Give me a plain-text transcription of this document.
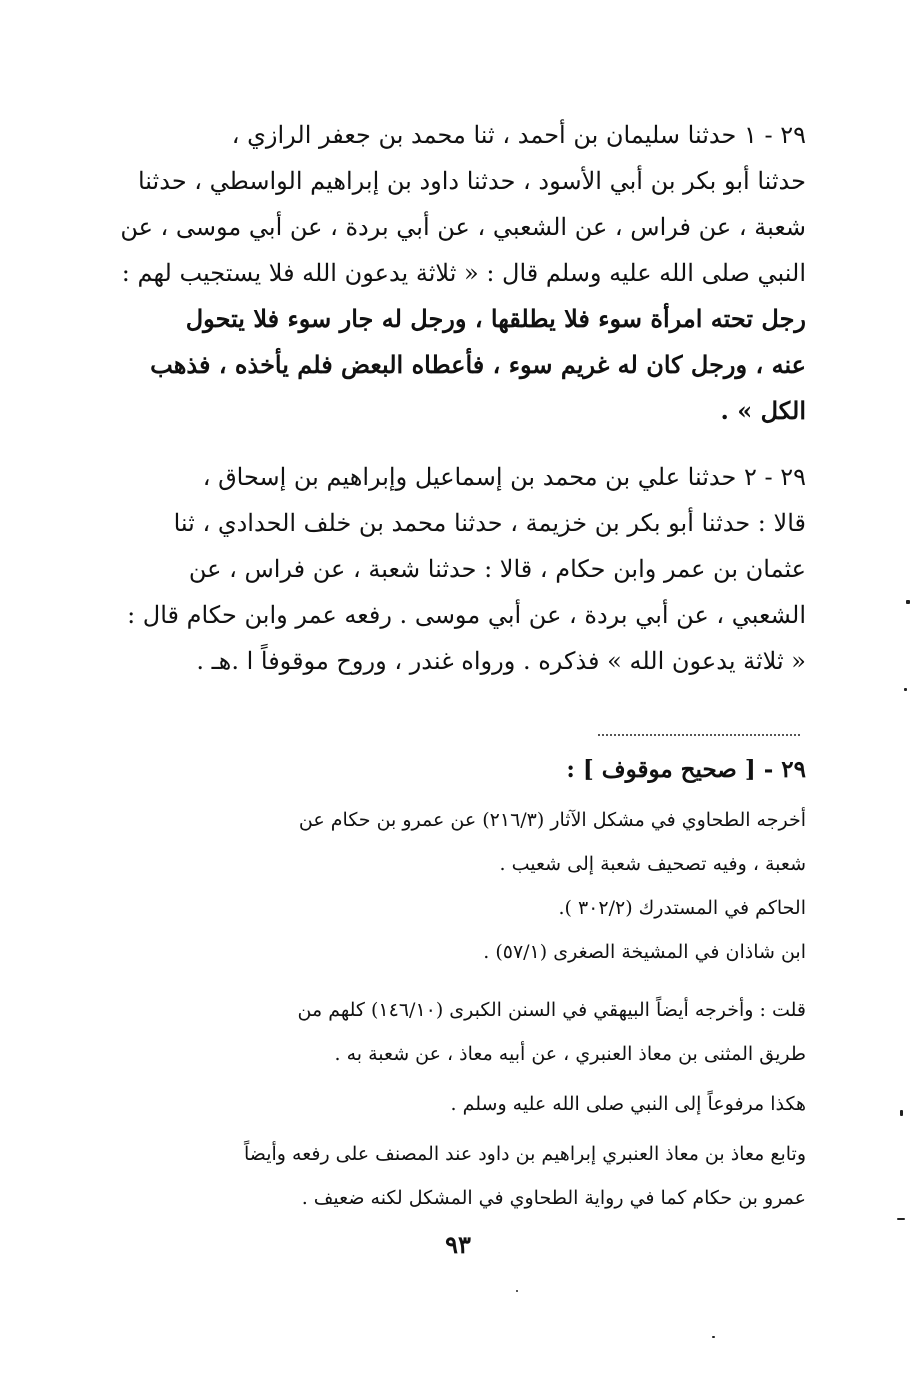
٢٩ - ١ حدثنا سليمان بن أحمد ، ثنا محمد بن جعفر الرازي ،
حدثنا أبو بكر بن أبي الأسود ، حدثنا داود بن إبراهيم الواسطي ، حدثنا
شعبة ، عن فراس ، عن الشعبي ، عن أبي بردة ، عن أبي موسى ، عن
النبي صلى الله عليه وسلم قال : « ثلاثة يدعون الله فلا يستجيب لهم :
رجل تحته امرأة سوء فلا يطلقها ، ورجل له جار سوء فلا يتحول
عنه ، ورجل كان له غريم سوء ، فأعطاه البعض فلم يأخذه ، فذهب
الكل » .
٢٩ - ٢ حدثنا علي بن محمد بن إسماعيل وإبراهيم بن إسحاق ،
قالا : حدثنا أبو بكر بن خزيمة ، حدثنا محمد بن خلف الحدادي ، ثنا
عثمان بن عمر وابن حكام ، قالا : حدثنا شعبة ، عن فراس ، عن
الشعبي ، عن أبي بردة ، عن أبي موسى . رفعه عمر وابن حكام قال :
« ثلاثة يدعون الله » فذكره . ورواه غندر ، وروح موقوفاً ا .هـ .
٢٩ - [ صحيح موقوف ] :
أخرجه الطحاوي في مشكل الآثار (٢١٦/٣) عن عمرو بن حكام عن
شعبة ، وفيه تصحيف شعبة إلى شعيب .
الحاكم في المستدرك (٣٠٢/٢ ).
ابن شاذان في المشيخة الصغرى (٥٧/١) .
قلت : وأخرجه أيضاً البيهقي في السنن الكبرى (١٤٦/١٠) كلهم من
طريق المثنى بن معاذ العنبري ، عن أبيه معاذ ، عن شعبة به .
هكذا مرفوعاً إلى النبي صلى الله عليه وسلم .
وتابع معاذ بن معاذ العنبري إبراهيم بن داود عند المصنف على رفعه وأيضاً
عمرو بن حكام كما في رواية الطحاوي في المشكل لكنه ضعيف .
٩٣
